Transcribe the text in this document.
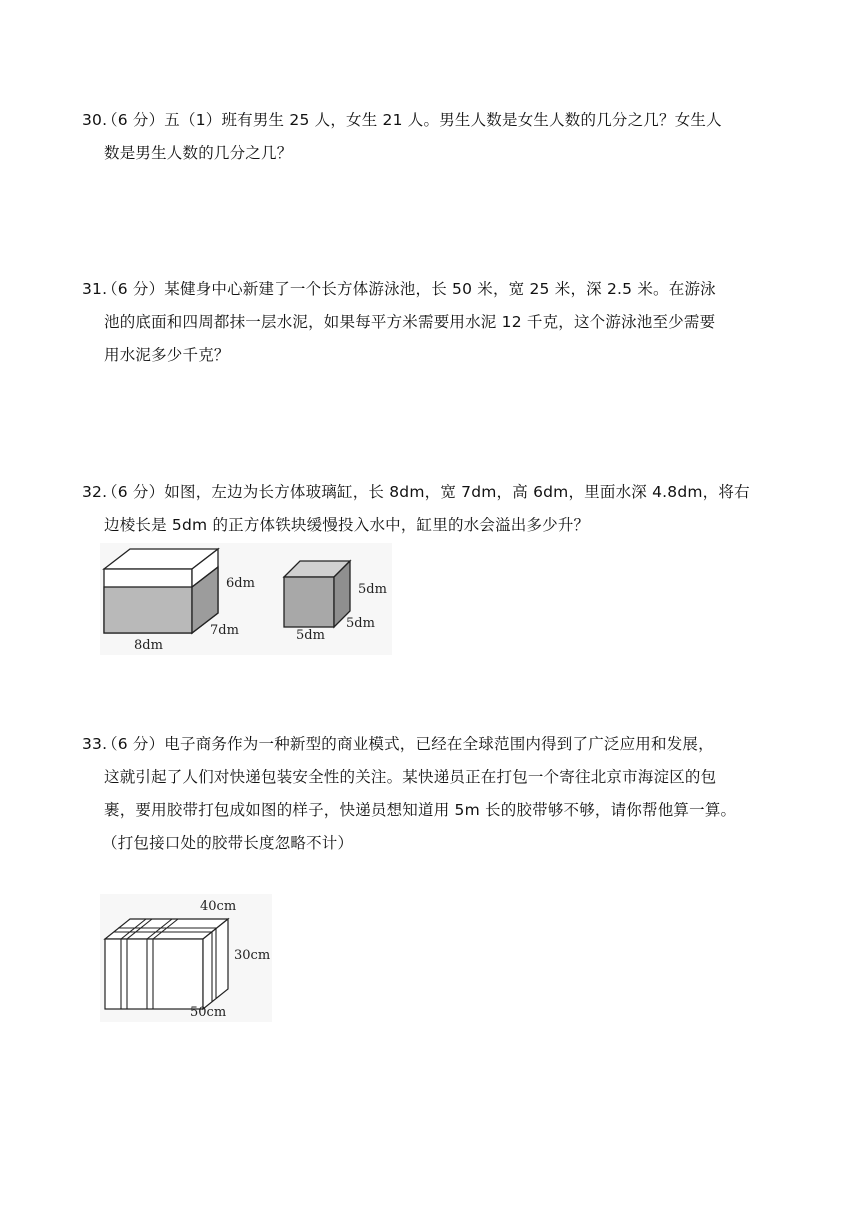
30.（6 分）五（1）班有男生 25 人，女生 21 人。男生人数是女生人数的几分之几？女生人
数是男生人数的几分之几？
31.（6 分）某健身中心新建了一个长方体游泳池，长 50 米，宽 25 米，深 2.5 米。在游泳
池的底面和四周都抹一层水泥，如果每平方米需要用水泥 12 千克，这个游泳池至少需要
用水泥多少千克？
32.（6 分）如图，左边为长方体玻璃缸，长 8dm，宽 7dm，高 6dm，里面水深 4.8dm，将右
边棱长是 5dm 的正方体铁块缓慢投入水中，缸里的水会溢出多少升？
6dm
7dm
8dm
5dm
5dm
5dm
33.（6 分）电子商务作为一种新型的商业模式，已经在全球范围内得到了广泛应用和发展，
这就引起了人们对快递包装安全性的关注。某快递员正在打包一个寄往北京市海淀区的包
裹，要用胶带打包成如图的样子，快递员想知道用 5m 长的胶带够不够，请你帮他算一算。
（打包接口处的胶带长度忽略不计）
40cm
30cm
50cm
